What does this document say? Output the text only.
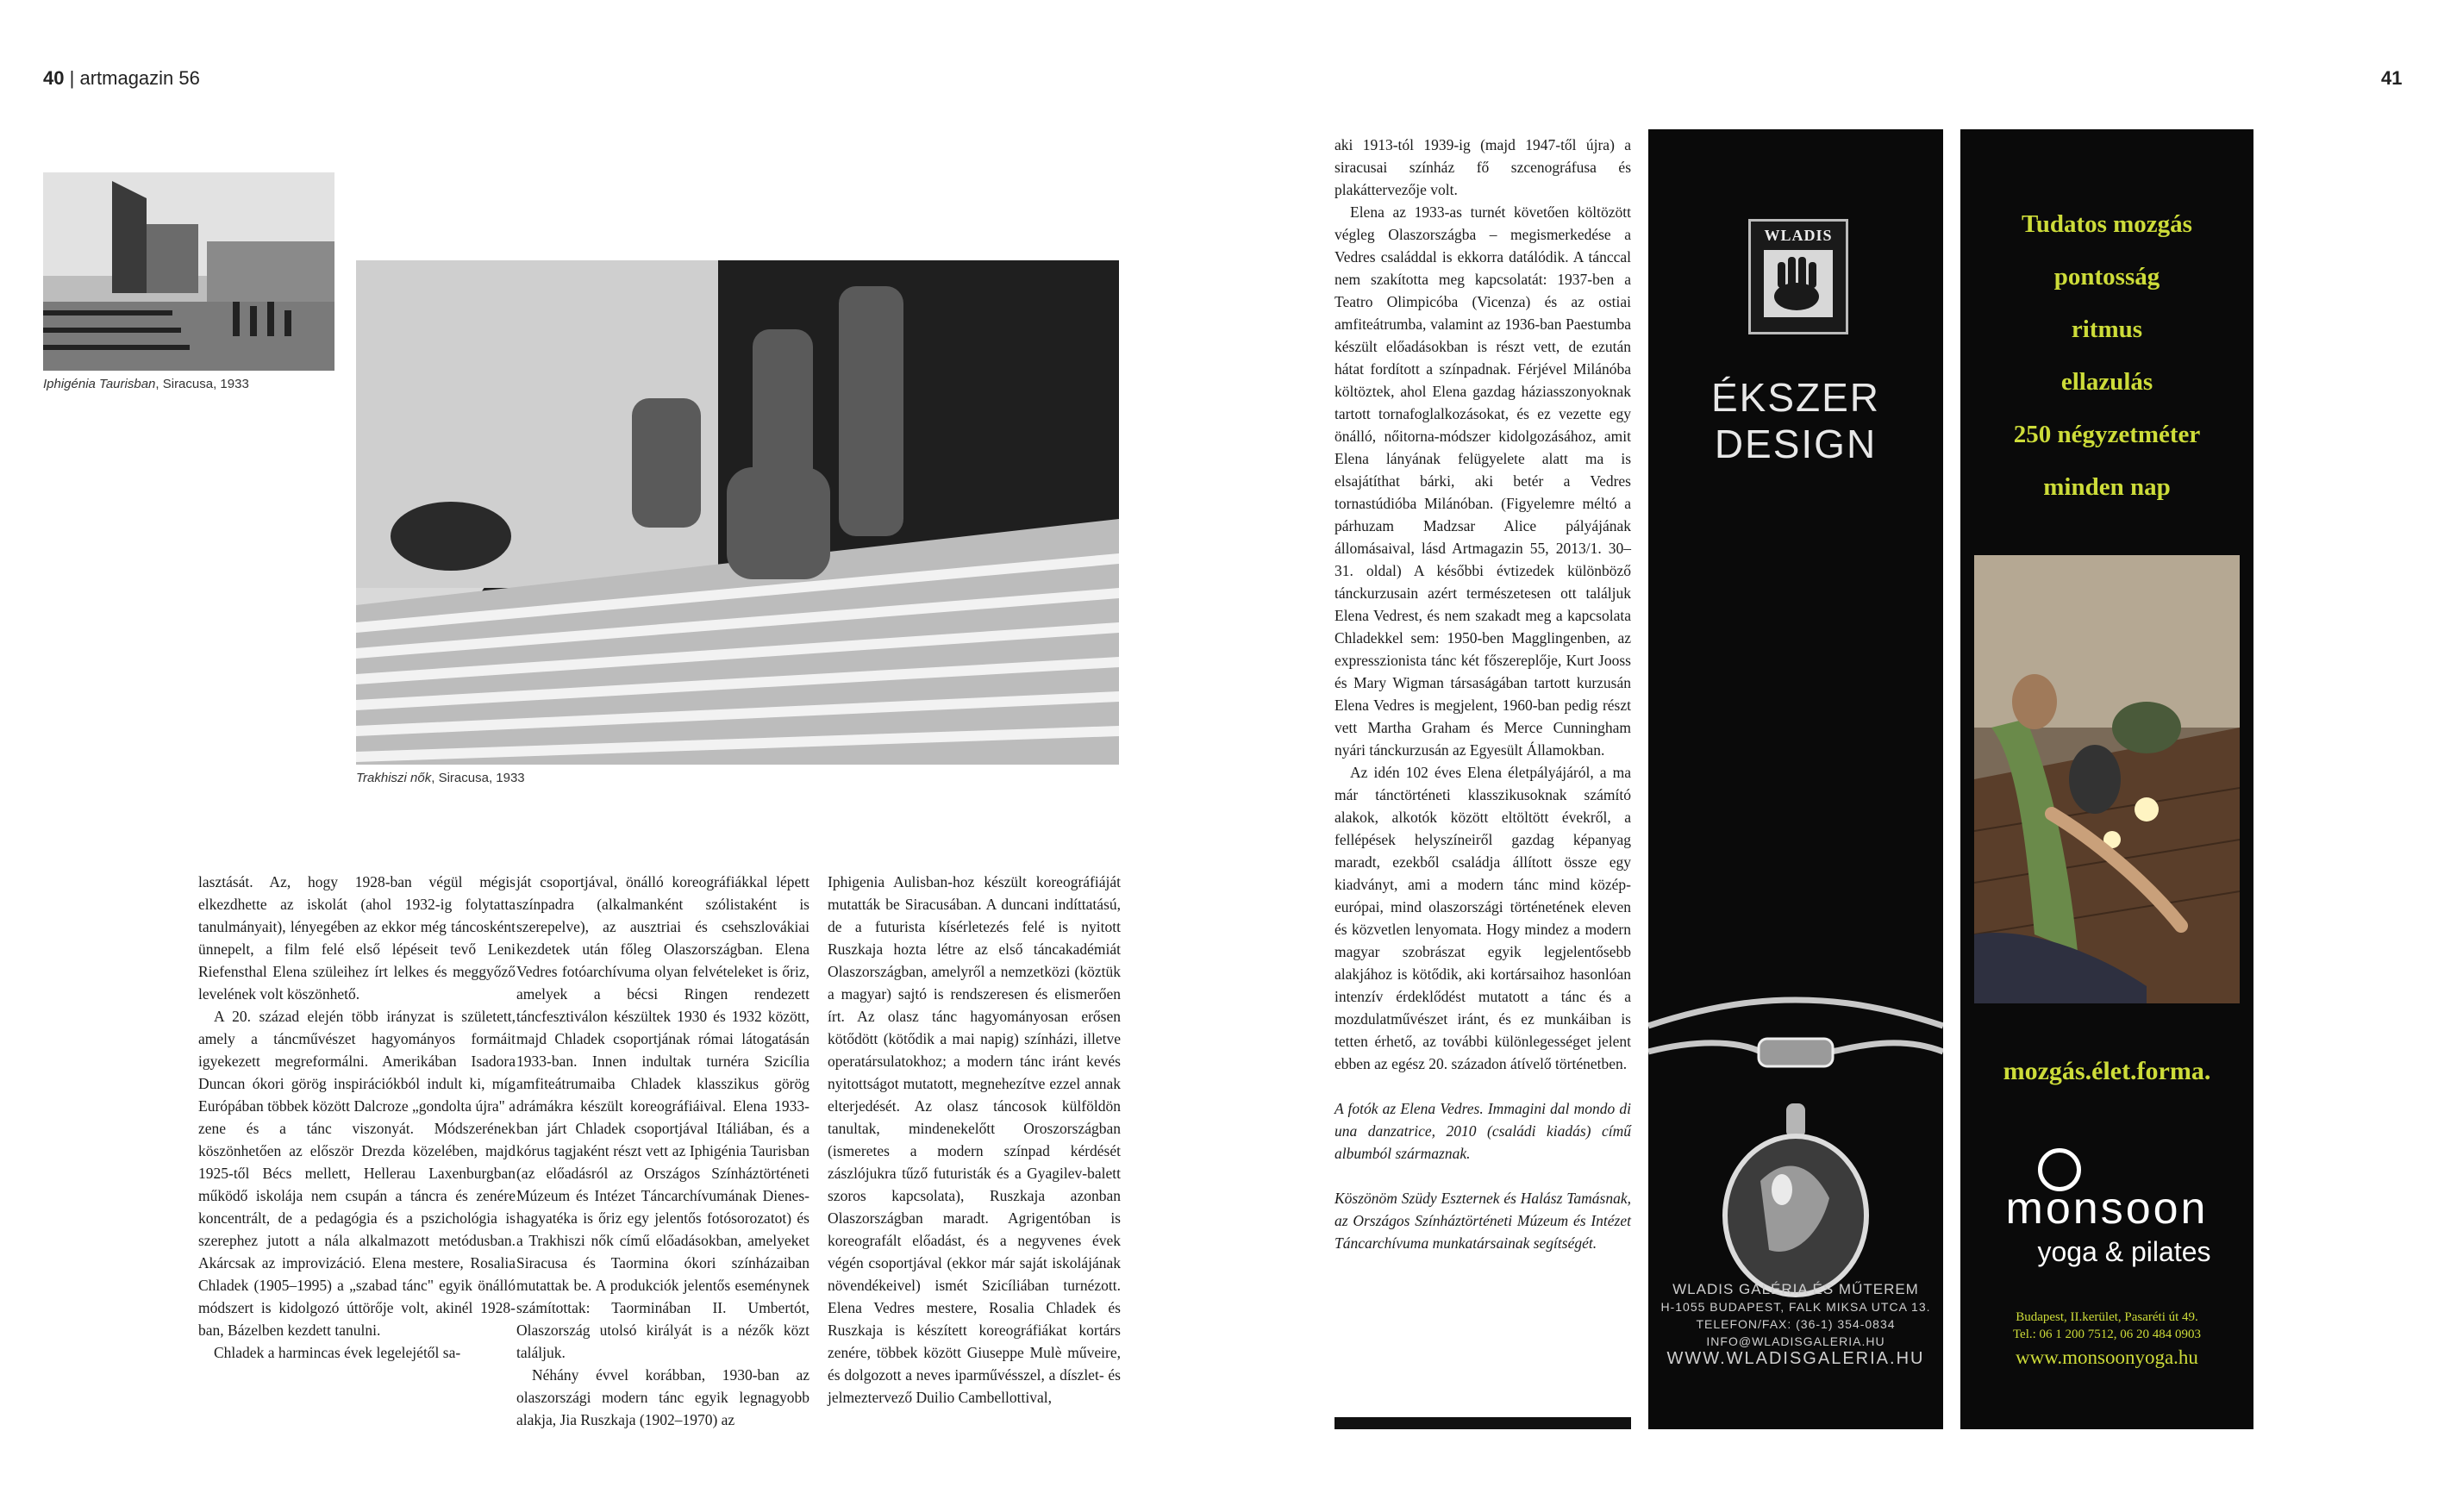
40 | artmagazin 56	41
Iphigénia Taurisban, Siracusa, 1933
Trakhiszi nők, Siracusa, 1933

lasztását. Az, hogy 1928-ban végül mégis elkezdhette az iskolát (ahol 1932-ig folytatta tanulmányait), lényegében az ekkor még táncosként ünnepelt, a film felé első lépéseit tevő Leni Riefensthal Elena szüleihez írt lelkes és meggyőző levelének volt köszönhető.

A 20. század elején több irányzat is született, amely a táncművészet hagyományos formáit igyekezett megreformálni. Amerikában Isadora Duncan ókori görög inspirációkból indult ki, míg Európában többek között Dalcroze „gondolta újra" a zene és a tánc viszonyát. Módszerének köszönhetően az először Drezda közelében, majd 1925-től Bécs mellett, Hellerau Laxenburgban működő iskolája nem csupán a táncra és zenére koncentrált, de a pedagógia és a pszichológia is szerephez jutott a nála alkalmazott metódusban. Akárcsak az improvizáció. Elena mestere, Rosalia Chladek (1905–1995) a „szabad tánc" egyik önálló módszert is kidolgozó úttörője volt, akinél 1928-ban, Bázelben kezdett tanulni.

Chladek a harmincas évek legelejétől sa-

ját csoportjával, önálló koreográfiákkal lépett színpadra (alkalmanként szólistaként is szerepelve), az ausztriai és csehszlovákiai kezdetek után főleg Olaszországban. Elena Vedres fotóarchívuma olyan felvételeket is őriz, amelyek a bécsi Ringen rendezett táncfesztiválon készültek 1930 és 1932 között, majd Chladek csoportjának római látogatásán 1933-ban. Innen indultak turnéra Szicília amfiteátrumaiba Chladek klasszikus görög drámákra készült koreográfiáival. Elena 1933-ban járt Chladek csoportjával Itáliában, és a kórus tagjaként részt vett az Iphigénia Taurisban (az előadásról az Országos Színháztörténeti Múzeum és Intézet Táncarchívumának Dienes-hagyatéka is őriz egy jelentős fotósorozatot) és a Trakhiszi nők című előadásokban, amelyeket Siracusa és Taormina ókori színházaiban mutattak be. A produkciók jelentős eseménynek számítottak: Taorminában II. Umbertót, Olaszország utolsó királyát is a nézők közt találjuk.

Néhány évvel korábban, 1930-ban az olaszországi modern tánc egyik legnagyobb alakja, Jia Ruszkaja (1902–1970) az

Iphigenia Aulisban-hoz készült koreográfiáját mutatták be Siracusában. A duncani indíttatású, de a futurista kísérletezés felé is nyitott Ruszkaja hozta létre az első táncakadémiát Olaszországban, amelyről a nemzetközi (köztük a magyar) sajtó is rendszeresen és elismerően írt. Az olasz tánc hagyományosan erősen kötődött (kötődik a mai napig) színházi, illetve operatársulatokhoz; a modern tánc iránt kevés nyitottságot mutatott, megnehezítve ezzel annak elterjedését. Az olasz táncosok külföldön tanultak, mindenekelőtt Oroszországban (ismeretes a modern színpad kérdését zászlójukra tűző futuristák és a Gyagilev-balett szoros kapcsolata), Ruszkaja azonban Olaszországban maradt. Agrigentóban is koreografált előadást, és a negyvenes évek végén csoportjával (ekkor már saját iskolájának növendékeivel) ismét Szicíliában turnézott. Elena Vedres mestere, Rosalia Chladek és Ruszkaja is készített koreográfiákat kortárs zenére, többek között Giuseppe Mulè műveire, és dolgozott a neves iparművésszel, a díszlet- és jelmeztervező Duilio Cambellottival,

aki 1913-tól 1939-ig (majd 1947-től újra) a siracusai színház fő szcenográfusa és plakáttervezője volt.

Elena az 1933-as turnét követően költözött végleg Olaszországba – megismerkedése a Vedres családdal is ekkorra datálódik. A tánccal nem szakította meg kapcsolatát: 1937-ben a Teatro Olimpicóba (Vicenza) és az ostiai amfiteátrumba, valamint az 1936-ban Paestumba készült előadásokban is részt vett, de ezután hátat fordított a színpadnak. Férjével Milánóba költöztek, ahol Elena gazdag háziasszonyoknak tartott tornafoglalkozásokat, és ez vezette egy önálló, nőitorna-módszer kidolgozásához, amit Elena lányának felügyelete alatt ma is elsajátíthat bárki, aki betér a Vedres tornastúdióba Milánóban. (Figyelemre méltó a párhuzam Madzsar Alice pályájának állomásaival, lásd Artmagazin 55, 2013/1. 30–31. oldal) A későbbi évtizedek különböző tánckurzusain azért természetesen ott találjuk Elena Vedrest, és nem szakadt meg a kapcsolata Chladekkel sem: 1950-ben Magglingenben, az expresszionista tánc két főszereplője, Kurt Jooss és Mary Wigman társaságában tartott kurzusán Elena Vedres is megjelent, 1960-ban pedig részt vett Martha Graham és Merce Cunningham nyári tánckurzusán az Egyesült Államokban.

Az idén 102 éves Elena életpályájáról, a ma már tánctörténeti klasszikusoknak számító alakok, alkotók között eltöltött évekről, a fellépések helyszíneiről gazdag képanyag maradt, ezekből családja állított össze egy kiadványt, ami a modern tánc mind közép-európai, mind olaszországi történetének eleven és közvetlen lenyomata. Hogy mindez a modern magyar szobrászat egyik legjelentősebb alakjához is kötődik, aki kortársaihoz hasonlóan intenzív érdeklődést mutatott a tánc és a mozdulatművészet iránt, és ez munkáiban is tetten érhető, az további különlegességet jelent ebben az egész 20. századon átívelő történetben.

A fotók az Elena Vedres. Immagini dal mondo di una danzatrice, 2010 (családi kiadás) című albumból származnak.

Köszönöm Szüdy Eszternek és Halász Tamásnak, az Országos Színháztörténeti Múzeum és Intézet Táncarchívuma munkatársainak segítségét.

WLADIS
ÉKSZER
DESIGN
WLADIS GALÉRIA ÉS MŰTEREM
H-1055 BUDAPEST, FALK MIKSA UTCA 13.
TELEFON/FAX: (36-1) 354-0834
INFO@WLADISGALERIA.HU
WWW.WLADISGALERIA.HU
Tudatos mozgás
pontosság
ritmus
ellazulás
250 négyzetméter
minden nap
mozgás.élet.forma.
monsoon
yoga & pilates
Budapest, II.kerület, Pasaréti út 49.
Tel.: 06 1 200 7512, 06 20 484 0903
www.monsoonyoga.hu
